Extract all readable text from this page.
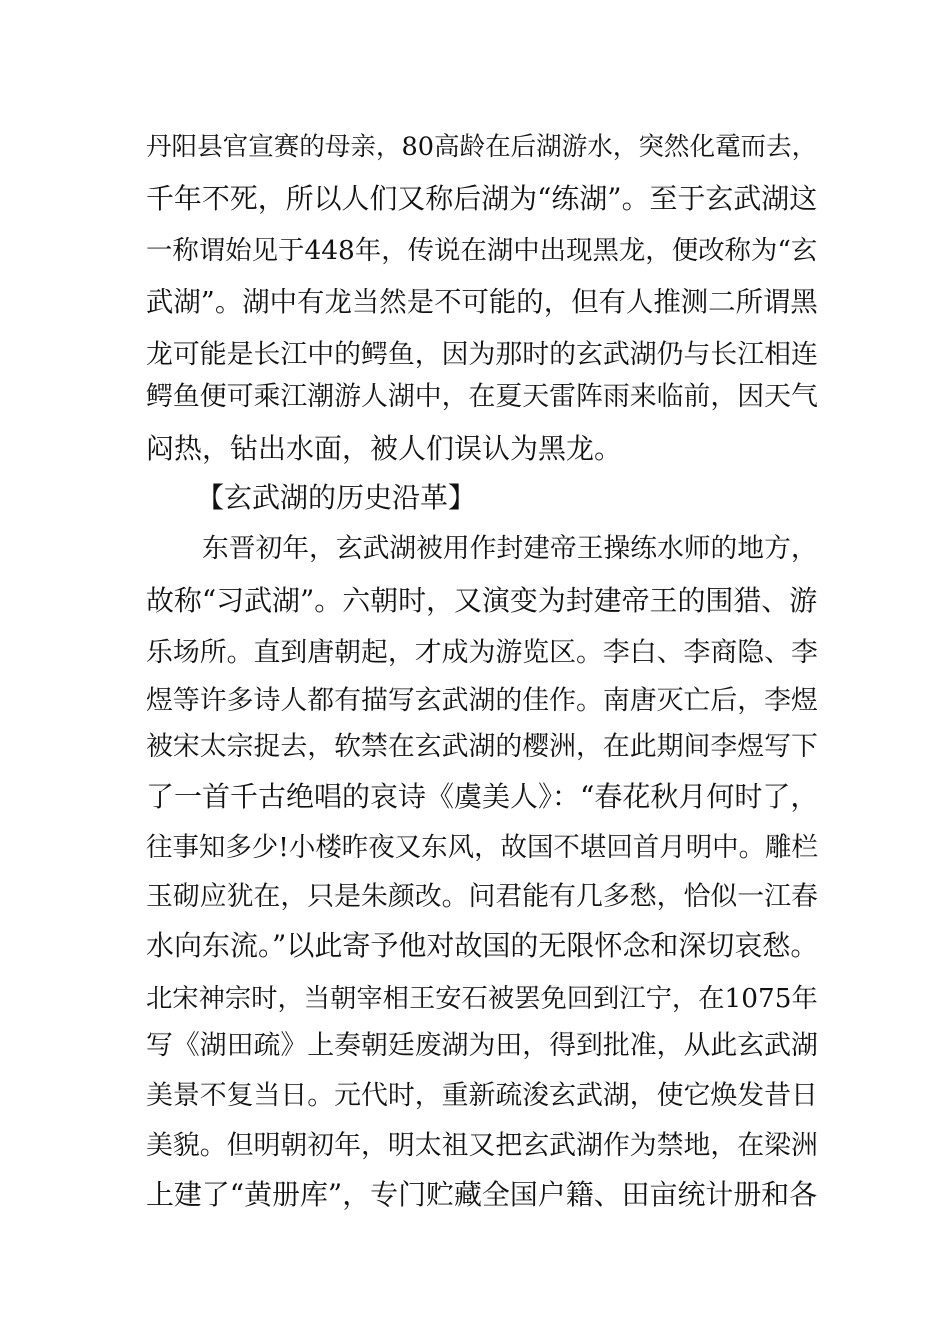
丹阳县官宣赛的母亲，80高龄在后湖游水，突然化鼋而去，
千年不死，所以人们又称后湖为“练湖”。至于玄武湖这
一称谓始见于448年，传说在湖中出现黑龙，便改称为“玄
武湖”。湖中有龙当然是不可能的，但有人推测二所谓黑
龙可能是长江中的鳄鱼，因为那时的玄武湖仍与长江相连
鳄鱼便可乘江潮游人湖中，在夏天雷阵雨来临前，因天气
闷热，钻出水面，被人们误认为黑龙。
【玄武湖的历史沿革】
东晋初年，玄武湖被用作封建帝王操练水师的地方，
故称“习武湖”。六朝时，又演变为封建帝王的围猎、游
乐场所。直到唐朝起，才成为游览区。李白、李商隐、李
煜等许多诗人都有描写玄武湖的佳作。南唐灭亡后，李煜
被宋太宗捉去，软禁在玄武湖的樱洲，在此期间李煜写下
了一首千古绝唱的哀诗《虞美人》：“春花秋月何时了，
往事知多少!小楼昨夜又东风，故国不堪回首月明中。雕栏
玉砌应犹在，只是朱颜改。问君能有几多愁，恰似一江春
水向东流。”以此寄予他对故国的无限怀念和深切哀愁。
北宋神宗时，当朝宰相王安石被罢免回到江宁，在1075年
写《湖田疏》上奏朝廷废湖为田，得到批准，从此玄武湖
美景不复当日。元代时，重新疏浚玄武湖，使它焕发昔日
美貌。但明朝初年，明太祖又把玄武湖作为禁地，在梁洲
上建了“黄册库”，专门贮藏全国户籍、田亩统计册和各
